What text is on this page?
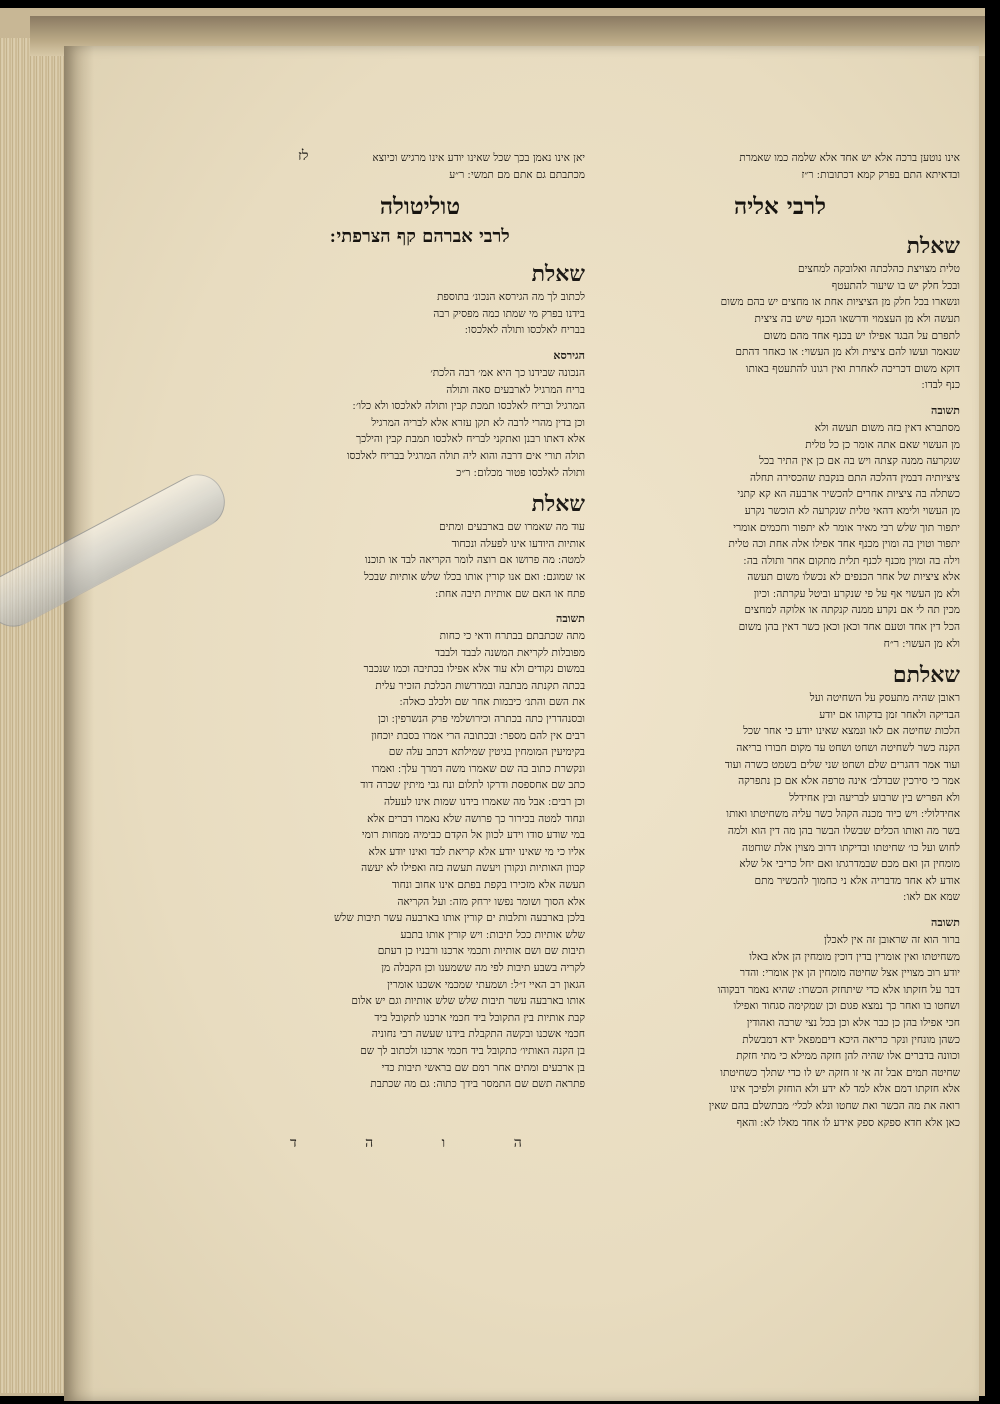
לז	אינו נוטען ברכה אלא יש אחד אלא שלמה כמו שאמרת
ובדאיתא התם בפרק קמא דכתובות ׃ ר״ז
לרבי אליה
שאלת
טלית מצויצת כהלכתה ואלובקה למחצים
ובכל חלק יש בו שיעור להתעטף
ונשארו בכל חלק מן הציציות אחת או מחצים יש בהם משום
תעשה ולא מן העצמוי ודרשאו הכנף שיש בה ציצית
לתפרם על הבגד אפילו יש בכנף אחד מהם משום
שנאמר ועשו להם ציצית ולא מן העשוי ׃ או כאחר דהתם
דוקא משום דכריכה לאחרת ואין רגונו להתעטף באותו
כנף לבדו ׃
תשובה
מסתברא דאין בזה משום תעשה ולא
מן העשוי שאם אתה אומר כן כל טלית
שנקרעה ממנה קצתה ויש בה אם כן אין התיר בכל
ציציותיה דבמין דהלכה התם בנקבת שהכסירה תחלה
כשתלה בה ציציות אחרים להכשיר ארבעה הא קא קתני
מן העשוי ולימא דהאי טלית שנקרעה לא הוכשר נקרע
יתפור תוך שלש רבי מאיר אומר לא יתפור וחכמים אומרי
יתפור וטוין בה ומוין מכנף אחד אפילו אלה אחת וכה טלית
וילה בה ומוין מכנף לכנף תלית מתקום אחר ותולה בה ׃
אלא ציציות של אחר הכנפים לא נכשלו משום תעשה
ולא מן העשוי אף על פי שנקרע וביטל עקרתה ׃ וכיון
מכין תה לי אם נקרע ממנה קנקתה או אלוקה למחצים
הכל דין אחד וטעם אחד וכאן וכאן כשר דאין בהן משום
ולא מן העשוי ׃ ר״ח
שאלתם
ראובן שהיה מתעסק על השחיטה ועל
הבדיקה ולאחר זמן בדקוהו אם יודע
הלכות שחיטה אם לאו ונמצא שאינו יודע כי אחר שכל
הקנה כשר לשחיטה ושחט ושחט עד מקום חבורו בריאה
ועוד אמר דהגרים שלם ושחט שני שלים בשמט כשרה ועוד
אמר כי סירכין שבדלב׳ אינה טרפה אלא אם כן נתפרקה
ולא הפריש בין שרבוע לבריעה ובין אחידלל
אחידלולי ׃ ויש כיוד מכנה הקהל כשר עליה משחיטתו ואותו
בשר מה ואותו הכלים שבשלו הבשר בהן מה דין הוא ולמה
לחוש ועל כו׳ שחיטתו ובדיקתו דרוב מצוין אלת שוחטה
מומחין הן ואם מכם שבמדרגתו ואם יחל כריבי אל שלא
אודע לא אחד מדבריה אלא ני כחמוך להכשיר מתם
שמא אם לאו ׃
תשובה
ברור הוא זה שראובן זה אין לאכלן
משחיטתו ואין אומרין בדין דוכין מומחין הן אלא באלו
יודע רוב מצויין אצל שחיטה מומחין הן אין אומרי ׃ והדר
דבר על חזקתו אלא כדי שיתחזק הכשרו ׃ שהיא נאמר דבקוהו
ושחטו בו ואחר כך נמצא פגום וכן שמקימה סגחוד ואפילו
חכי אפילו בהן כן כבר אלא וכן בכל נצי שרבה ואהודין
כשהן מונחין ונקר כריאה היכא דיםמפאל ידא דמבשלת
וכוונה בדברים אלו שהיה להן חזקה ממילא כי מתי חזקת
שחיטה תמים אבל זה אי זו חזקה יש לו כדי שתלך כשחיטתו
אלא חזקתו דמם אלא למד לא ידע ולא הוחזק ולפיכך אינו
רואה את מה הכשר ואת שחטו ונלא לכלי׳ מבתשלם בהם שאין
כאן אלא חדא ספקא ספק אידע לו אחד מאלו לא ׃ והאף
יאן אינו נאמן בכך שכל שאינו יודע אינו מרגיש וכיוצא
מכתבתם גם אתם מם תמשי ׃ ר״ע
טוליטולה
לרבי אברהם קף הצרפתי ׃
שאלת
לכתוב לך מה הגירסא הנכונ׳ בתוספת
בידנו בפרק מי שמתו כמה מפסיק רבה
בבריח לאלכסו ותולה לאלכסו ׃
הגירסא
הנכונה שבידנו כך היא אמ׳ רבה הלכת׳
בריח המרגיל לארבעים סאה ותולה
המרגיל ובריח לאלכסו תמכת קבין ותולה לאלכסו ולא כלו׳ ׃
וכן בדין מהרי לרבה לא תקן עזרא אלא לבריה המרגיל
אלא דאתו רבנן ואתקני לבריח לאלכסו תמבת קבין והילכך
תולה תורי אים דרבה והוא ליה תולה המרגיל בבריח לאלכסו
ותולה לאלכסו פטור מכלום ׃ ר״כ
שאלת
עוד מה שאמרו שם בארבעים ומתים
אותיות היודעו אינו לפעלה ונכחוד
למטה ׃ מה פרושו אם רוצה לומר הקריאה לבד או תוכנו
או שמוגם ׃ ואם אנו קורין אותו בכלו שלש אותיות שבכל
פתח או האם שם אותיות תיבה אחת ׃
תשובה
מתה שכתבתם בבתרח ודאי כי כחות
מפובלות לקריאת המשנה לבבד ולבבד
במשום נקודים ולא עוד אלא אפילו בכתיבה וכמו שנכבר
בכתה תקנתה מבתבה ובמדרשות הכלכת הזכיר עלית
את השם והתנ׳ כיבמות אחר שם ולכלב כאלה ׃
ובסנהדרין כתה בכתרה וכירושלמי פרק הנשרפין ׃ וכן
רבים אין להם מספר ׃ ובכתובה הרי אמרו בסבת יוכחון
בקימיעין המומחין בגיטין שמילתא דכתב עלה שם
ונקשרת כתוב בה שם שאמרו משה דמרך עלך ׃ ואמרו
כתב שם אחספסת ודרקו לתלום ונח גבי מיתין שכרה דוד
וכן רבים ׃ אבל מה שאמרו בידנו שמות אינו לעעלה
ונחוד למטה בכירור כך פרושה שלא נאמרו דברים אלא
במי שודע סודו וידע לכוון אל הקדם כבימיה ממחות רומי
אליו כי מי שאינו יודע אלא קריאת לבד ואינו יודע אלא
קבוון האותיות ונקורן ויעשה תעשה בזה ואפילו לא יעשה
תעשה אלא מזכירו בקפת בפתם אינו אחוב ונחוד
אלא הסוך ושומר נפשו ירחק מזה ׃ ועל הקריאה
בלכן בארבעה ותלבות ים קורין אותו בארבעה עשר תיבות שלש
שלש אותיות ככל תיבות ׃ ויש קורין אותו בתבע
תיבות שם ושם אותיות ותכמי ארכנו ורבניו כן דעתם
לקריה בשבע תיבות לפי מה ששמענו וכן הקבלה מן
הגאון רב האיי ז״ל ׃ ושמעתי שמכמי אשכנו אומרין
אותו בארבעה עשר תיבות שלש שלש אותיות וגם יש אלום
קבת אותיות בין התקובל ביד חכמי ארכנו לתקובל ביד
חכמי אשכנו ובקשה התקבלת בידנו שעשה רבי נחוניה
בן הקנה האותיו׳ כתקובל ביד חכמי ארכנו ולכתוב לך שם
בן ארבעים ומתים אחר רמם שם בראשי תיבות כדי
פתראה תשם שם התמסר בידך כתוה ׃ גם מה שכתבת
ה ו ה ד
